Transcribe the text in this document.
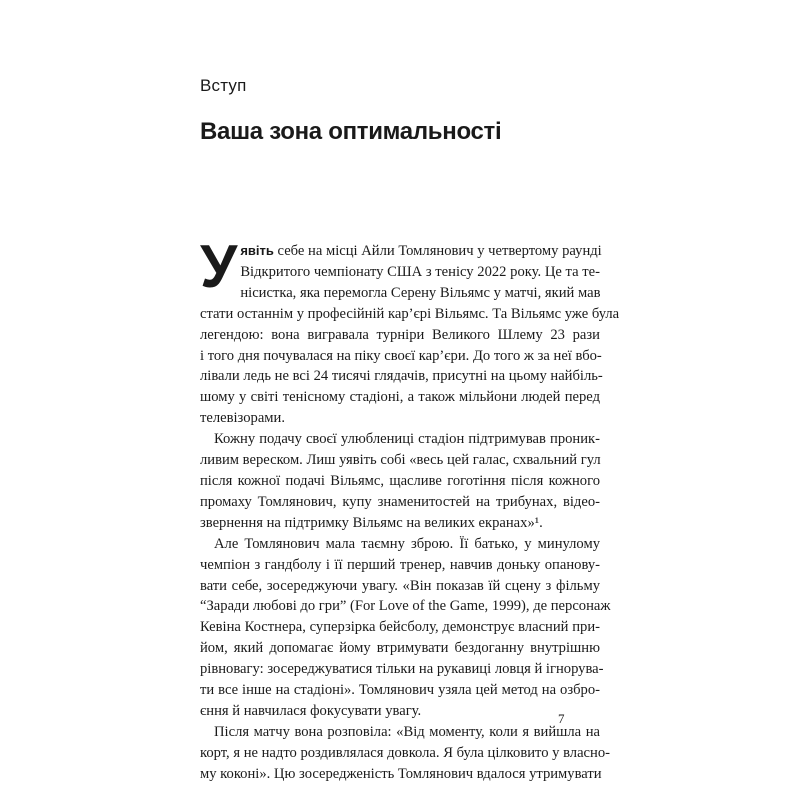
Вступ
Ваша зона оптимальності
У явіть себе на місці Айли Томлянович у четвертому раунді
Відкритого чемпіонату США з тенісу 2022 року. Це та те-
нісистка, яка перемогла Серену Вільямс у матчі, який мав
стати останнім у професійній кар’єрі Вільямс. Та Вільямс уже була
легендою: вона вигравала турніри Великого Шлему 23 рази
і того дня почувалася на піку своєї кар’єри. До того ж за неї вбо-
лівали ледь не всі 24 тисячі глядачів, присутні на цьому найбіль-
шому у світі тенісному стадіоні, а також мільйони людей перед
телевізорами.
Кожну подачу своєї улюблениці стадіон підтримував проник-
ливим вереском. Лиш уявіть собі «весь цей галас, схвальний гул
після кожної подачі Вільямс, щасливе гоготіння після кожного
промаху Томлянович, купу знаменитостей на трибунах, відео-
звернення на підтримку Вільямс на великих екранах»¹.
Але Томлянович мала таємну зброю. Її батько, у минулому
чемпіон з гандболу і її перший тренер, навчив доньку опанову-
вати себе, зосереджуючи увагу. «Він показав їй сцену з фільму
“Заради любові до гри” (For Love of the Game, 1999), де персонаж
Кевіна Костнера, суперзірка бейсболу, демонструє власний при-
йом, який допомагає йому втримувати бездоганну внутрішню
рівновагу: зосереджуватися тільки на рукавиці ловця й ігнорува-
ти все інше на стадіоні». Томлянович узяла цей метод на озбро-
єння й навчилася фокусувати увагу.
Після матчу вона розповіла: «Від моменту, коли я вийшла на
корт, я не надто роздивлялася довкола. Я була цілковито у власно-
му коконі». Цю зосередженість Томлянович вдалося утримувати
7
